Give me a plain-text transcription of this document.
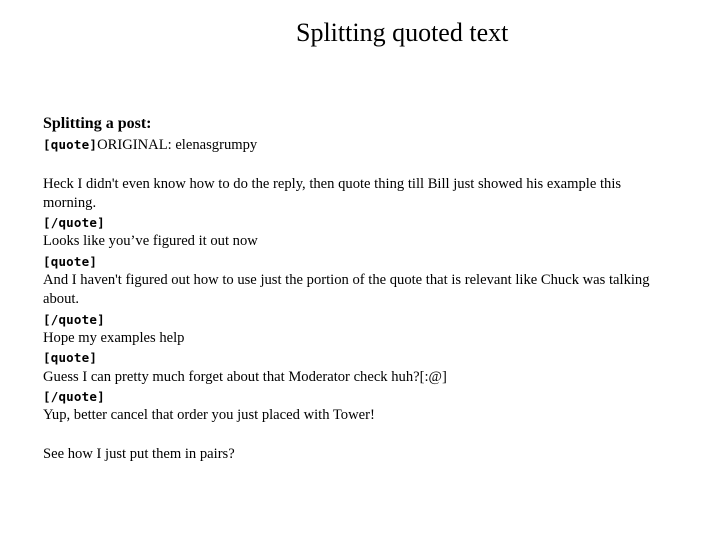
Splitting quoted text

Splitting a post:

[quote]ORIGINAL: elenasgrumpy

Heck I didn't even know how to do the reply, then quote thing till Bill just showed his example this morning.

[/quote]

Looks like you’ve figured it out now

[quote]

And I haven't figured out how to use just the portion of the quote that is relevant like Chuck was talking about.

[/quote]

Hope my examples help

[quote]

Guess I can pretty much forget about that Moderator check huh?[:@]

[/quote]

Yup, better cancel that order you just placed with Tower!

See how I just put them in pairs?
